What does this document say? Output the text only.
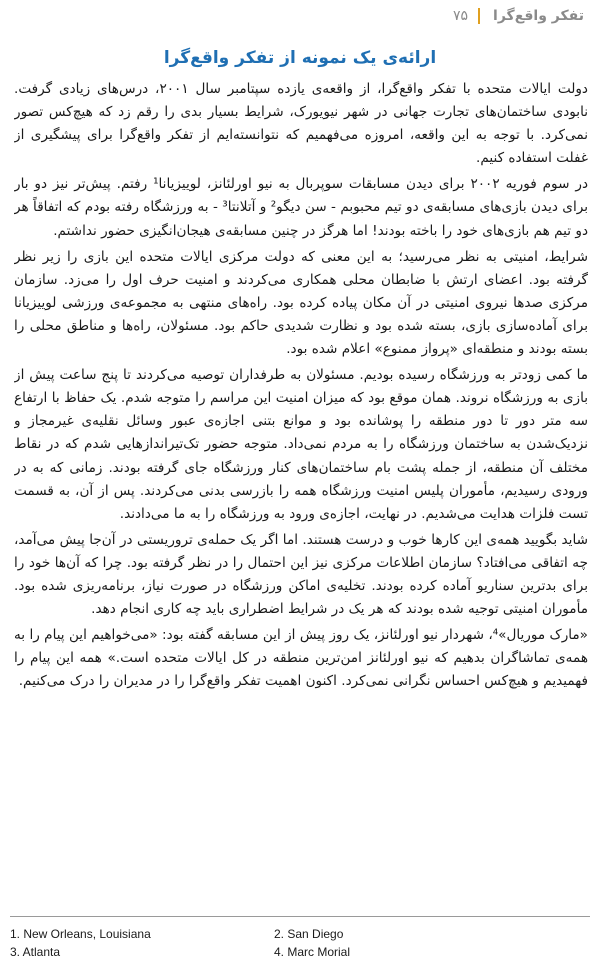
تفکر واقع‌گرا
۷۵
ارائه‌ی یک نمونه از تفکر واقع‌گرا

دولت ایالات متحده با تفکر واقع‌گرا، از واقعه‌ی یازده سپتامبر سال ۲۰۰۱، درس‌های زیادی گرفت. نابودی ساختمان‌های تجارت جهانی در شهر نیویورک، شرایط بسیار بدی را رقم زد که هیچ‌کس تصور نمی‌کرد. با توجه به این واقعه، امروزه می‌فهمیم که نتوانسته‌ایم از تفکر واقع‌گرا برای پیشگیری از غفلت استفاده کنیم.

در سوم فوریه ۲۰۰۲ برای دیدن مسابقات سوپربال به نیو اورلئانز، لوییزیانا¹ رفتم. پیش‌تر نیز دو بار برای دیدن بازی‌های مسابقه‌ی دو تیم محبوبم - سن دیگو² و آتلانتا³ - به ورزشگاه رفته بودم که اتفاقاً هر دو تیم هم بازی‌های خود را باخته بودند! اما هرگز در چنین مسابقه‌ی هیجان‌انگیزی حضور نداشتم.

شرایط، امنیتی به نظر می‌رسید؛ به این معنی که دولت مرکزی ایالات متحده این بازی را زیر نظر گرفته بود. اعضای ارتش با ضابطان محلی همکاری می‌کردند و امنیت حرف اول را می‌زد. سازمان مرکزی صدها نیروی امنیتی در آن مکان پیاده کرده بود. راه‌های منتهی به مجموعه‌ی ورزشی لوییزیانا برای آماده‌سازی بازی، بسته شده بود و نظارت شدیدی حاکم بود. مسئولان، راه‌ها و مناطق محلی را بسته بودند و منطقه‌ای «پرواز ممنوع» اعلام شده بود.

ما کمی زودتر به ورزشگاه رسیده بودیم. مسئولان به طرفداران توصیه می‌کردند تا پنج ساعت پیش از بازی به ورزشگاه نروند. همان موقع بود که میزان امنیت این مراسم را متوجه شدم. یک حفاظ با ارتفاع سه متر دور تا دور منطقه را پوشانده بود و موانع بتنی اجازه‌ی عبور وسائل نقلیه‌ی غیرمجاز و نزدیک‌شدن به ساختمان ورزشگاه را به مردم نمی‌داد. متوجه حضور تک‌تیراندازهایی شدم که در نقاط مختلف آن منطقه، از جمله پشت بام ساختمان‌های کنار ورزشگاه جای گرفته بودند. زمانی که به در ورودی رسیدیم، مأموران پلیس امنیت ورزشگاه همه را بازرسی بدنی می‌کردند. پس از آن، به قسمت تست فلزات هدایت می‌شدیم. در نهایت، اجازه‌ی ورود به ورزشگاه را به ما می‌دادند.

شاید بگویید همه‌ی این کارها خوب و درست هستند. اما اگر یک حمله‌ی تروریستی در آن‌جا پیش می‌آمد، چه اتفاقی می‌افتاد؟ سازمان اطلاعات مرکزی نیز این احتمال را در نظر گرفته بود. چرا که آن‌ها خود را برای بدترین سناریو آماده کرده بودند. تخلیه‌ی اماکن ورزشگاه در صورت نیاز، برنامه‌ریزی شده بود. مأموران امنیتی توجیه شده بودند که هر یک در شرایط اضطراری باید چه کاری انجام دهد.

«مارک موریال»⁴، شهردار نیو اورلئانز، یک روز پیش از این مسابقه گفته بود: «می‌خواهیم این پیام را به همه‌ی تماشاگران بدهیم که نیو اورلئانز امن‌ترین منطقه در کل ایالات متحده است.» همه این پیام را فهمیدیم و هیچ‌کس احساس نگرانی نمی‌کرد. اکنون اهمیت تفکر واقع‌گرا را در مدیران را درک می‌کنیم.

1. New Orleans, Louisiana	2. San Diego
3. Atlanta	4. Marc Morial
